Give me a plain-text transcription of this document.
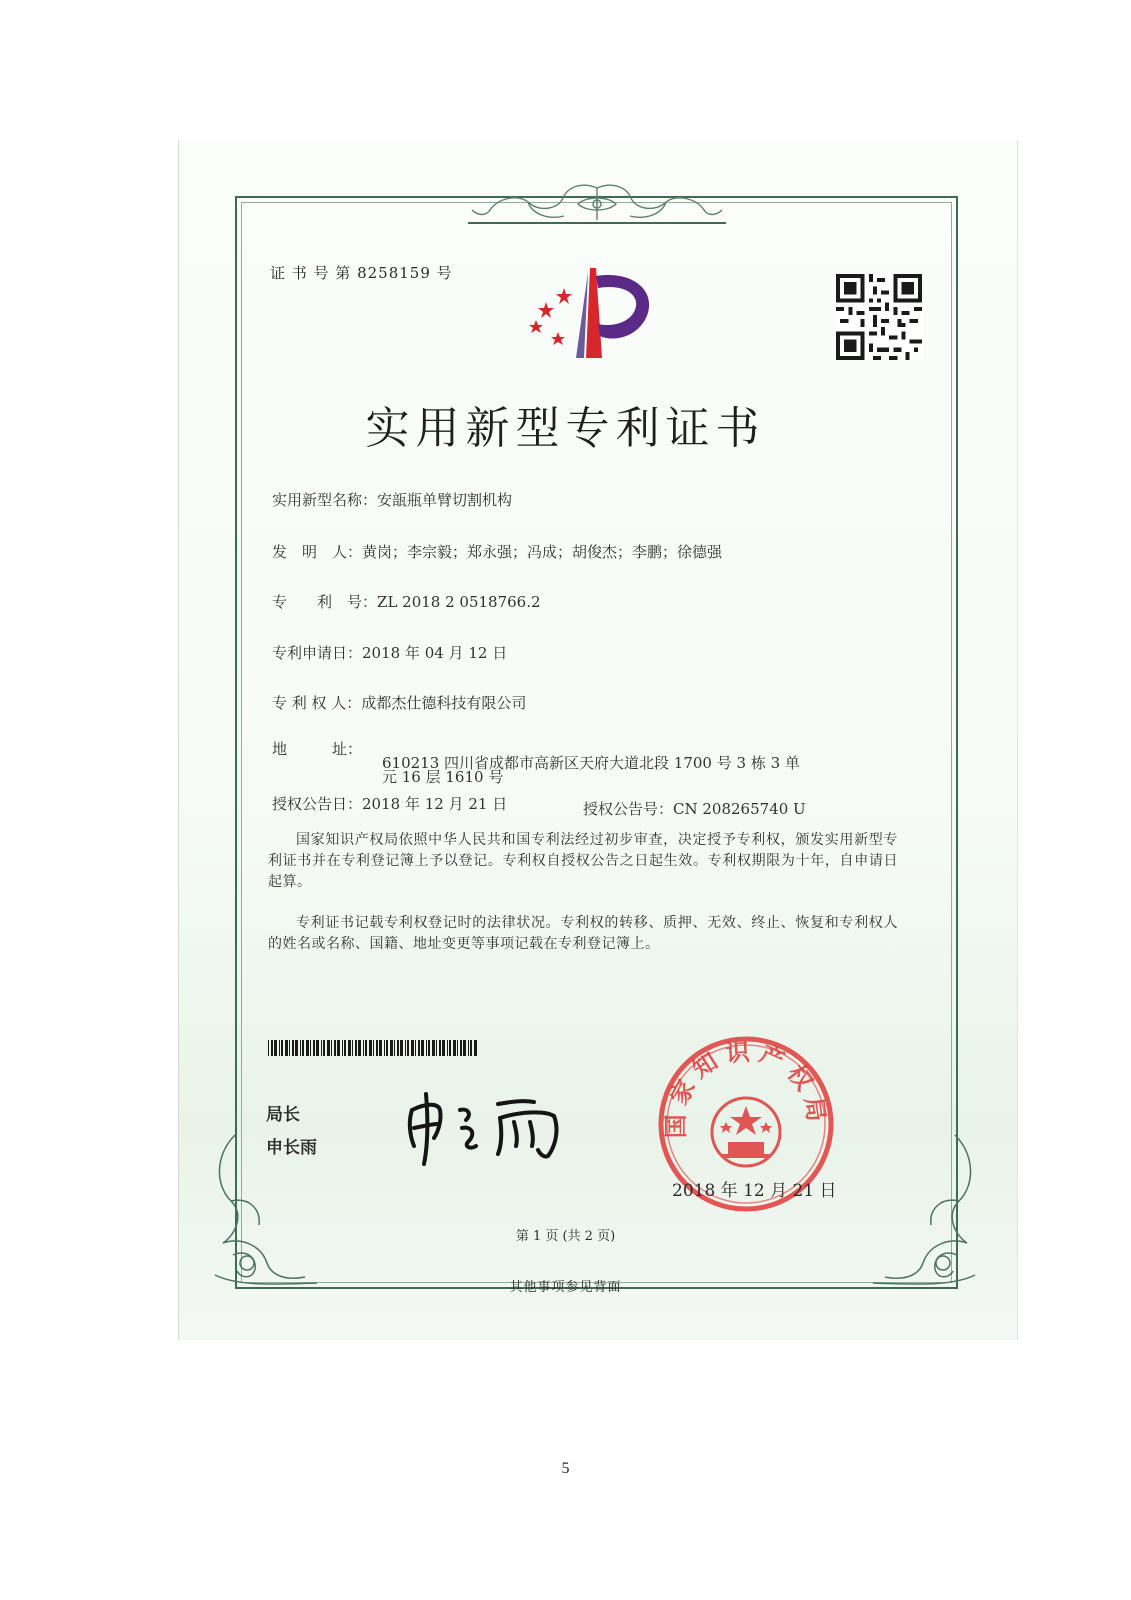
证 书 号 第 8258159 号
实用新型专利证书
实用新型名称：安瓿瓶单臂切割机构
发　明　人：黄岗；李宗毅；郑永强；冯成；胡俊杰；李鹏；徐德强
专　　利　号：ZL 2018 2 0518766.2
专利申请日：2018 年 04 月 12 日
专 利 权 人：成都杰仕德科技有限公司
地　　　址：
610213 四川省成都市高新区天府大道北段 1700 号 3 栋 3 单
元 16 层 1610 号
授权公告日：2018 年 12 月 21 日	授权公告号：CN 208265740 U
国家知识产权局依照中华人民共和国专利法经过初步审查，决定授予专利权，颁发实用新型专利证书并在专利登记簿上予以登记。专利权自授权公告之日起生效。专利权期限为十年，自申请日起算。
专利证书记载专利权登记时的法律状况。专利权的转移、质押、无效、终止、恢复和专利权人的姓名或名称、国籍、地址变更等事项记载在专利登记簿上。
局长
申长雨
国家知识产权局
2018 年 12 月 21 日
第 1 页 (共 2 页)
其他事项参见背面
5
